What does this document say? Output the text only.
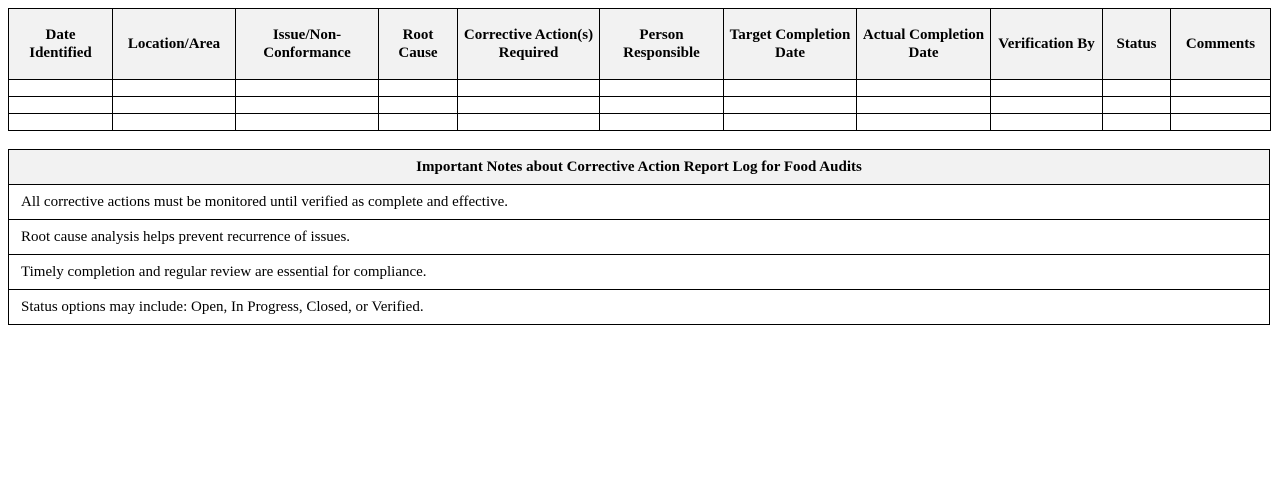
Date Identified	Location/Area	Issue/Non-Conformance	Root Cause	Corrective Action(s) Required	Person Responsible	Target Completion Date	Actual Completion Date	Verification By	Status	Comments

Important Notes about Corrective Action Report Log for Food Audits
All corrective actions must be monitored until verified as complete and effective.
Root cause analysis helps prevent recurrence of issues.
Timely completion and regular review are essential for compliance.
Status options may include: Open, In Progress, Closed, or Verified.
